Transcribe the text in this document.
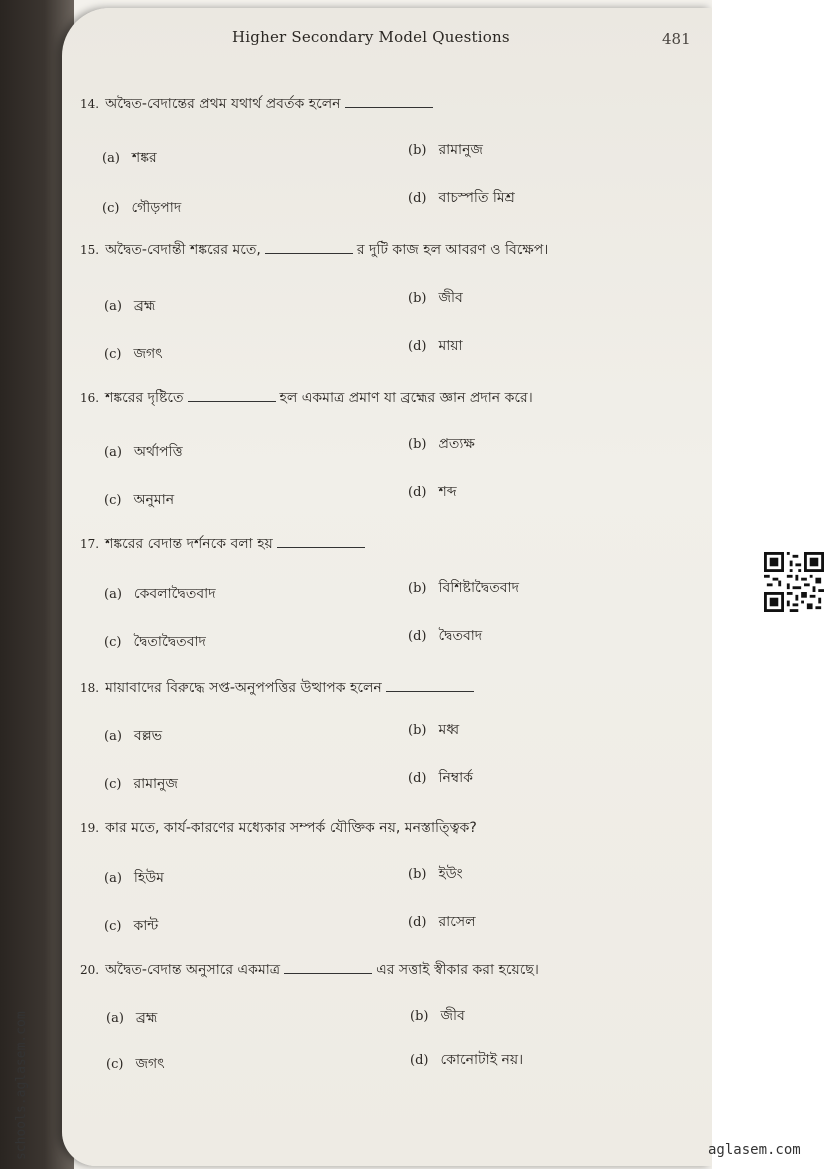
Higher Secondary Model Questions	481
14. অদ্বৈত-বেদান্তের প্রথম যথার্থ প্রবর্তক হলেন
(a) শঙ্কর	(b) রামানুজ
(c) গৌড়পাদ
(d) বাচস্পতি মিশ্র
15. অদ্বৈত-বেদান্তী শঙ্করের মতে,	র দুটি কাজ হল আবরণ ও বিক্ষেপ।
(a) ব্রহ্ম	(b) জীব
(c) জগৎ	(d) মায়া
16. শঙ্করের দৃষ্টিতে	হল একমাত্র প্রমাণ যা ব্রহ্মের জ্ঞান প্রদান করে।
(a) অর্থাপত্তি	(b) প্রত্যক্ষ
(c) অনুমান	(d) শব্দ
17. শঙ্করের বেদান্ত দর্শনকে বলা হয়
(a) কেবলাদ্বৈতবাদ	(b) বিশিষ্টাদ্বৈতবাদ
(c) দ্বৈতাদ্বৈতবাদ	(d) দ্বৈতবাদ
18. মায়াবাদের বিরুদ্ধে সপ্ত-অনুপপত্তির উত্থাপক হলেন
(a) বল্লভ	(b) মধ্ব
(c) রামানুজ	(d) নিম্বার্ক
19. কার মতে, কার্য-কারণের মধ্যেকার সম্পর্ক যৌক্তিক নয়, মনস্তাত্ত্বিক?
(a) হিউম	(b) ইউং
(c) কান্ট	(d) রাসেল
20. অদ্বৈত-বেদান্ত অনুসারে একমাত্র	এর সত্তাই স্বীকার করা হয়েছে।
(a) ব্রহ্ম	(b) জীব
(c) জগৎ	(d) কোনোটাই নয়।
schools.aglasem.com	aglasem.com
